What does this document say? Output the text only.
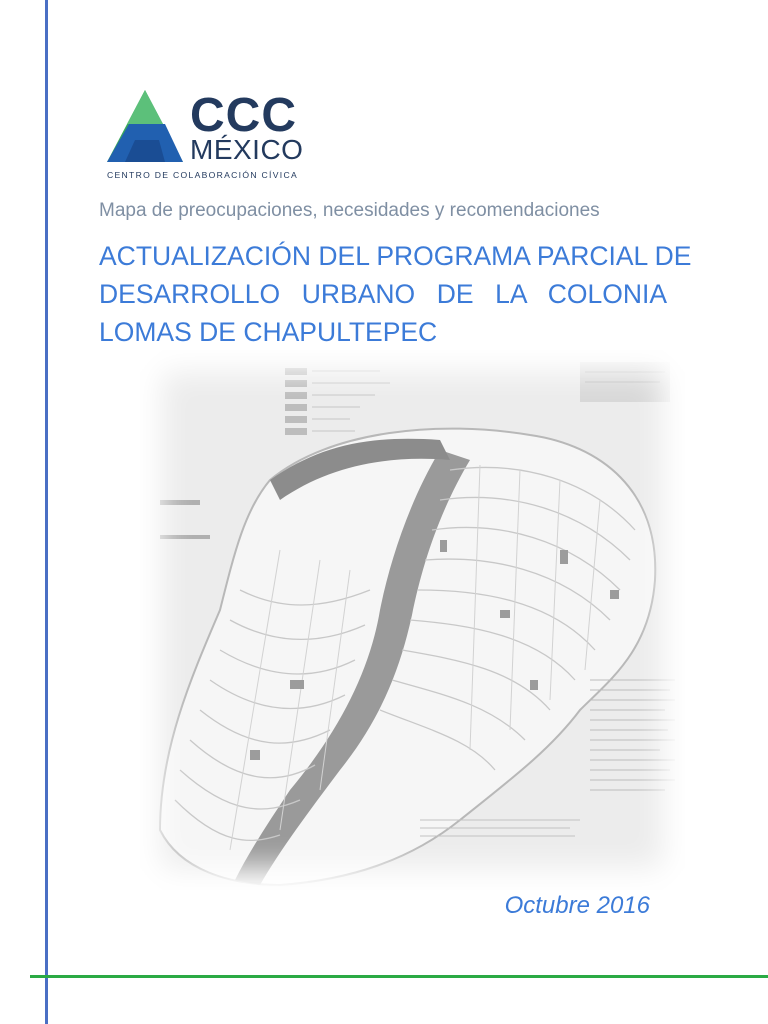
CCC
MÉXICO
CENTRO DE COLABORACIÓN CÍVICA
Mapa de preocupaciones, necesidades y recomendaciones
ACTUALIZACIÓN DEL PROGRAMA PARCIAL DE
DESARROLLO URBANO DE LA COLONIA
LOMAS DE CHAPULTEPEC
Octubre 2016
